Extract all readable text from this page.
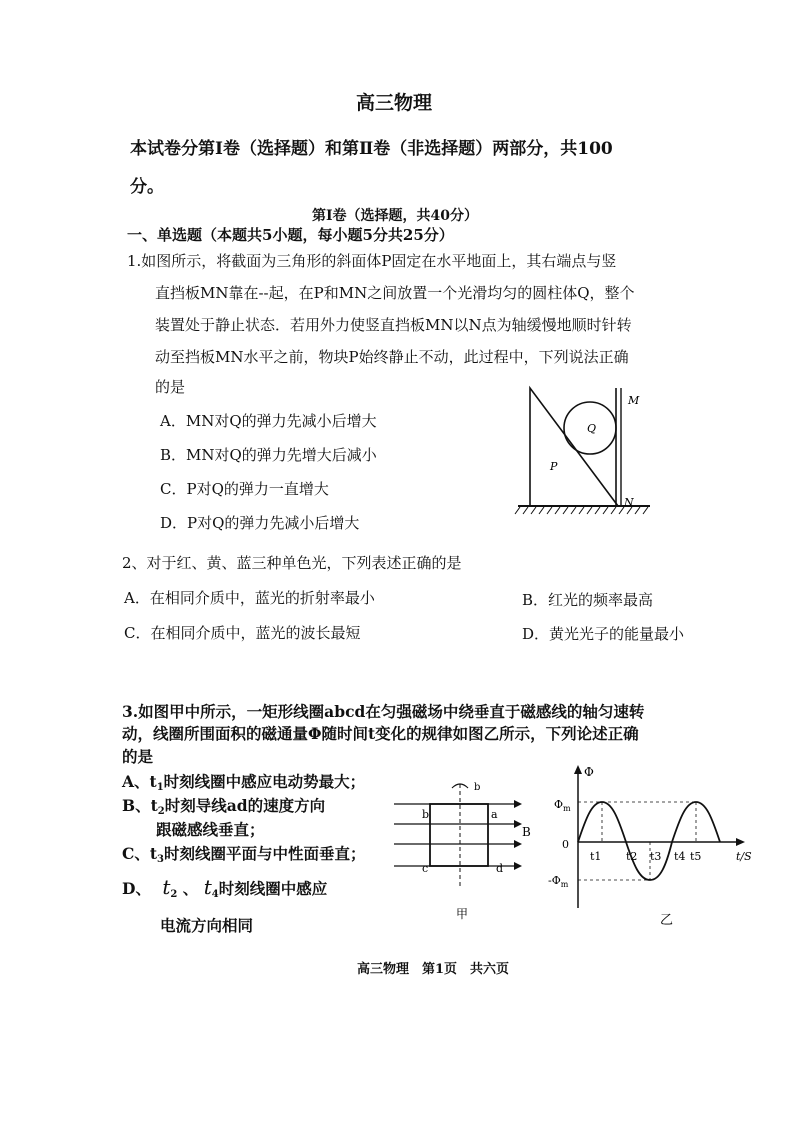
高三物理
本试卷分第Ⅰ卷（选择题）和第Ⅱ卷（非选择题）两部分，共100
分。
第Ⅰ卷（选择题，共40分）
一、单选题（本题共5小题，每小题5分共25分）
1.如图所示，将截面为三角形的斜面体P固定在水平地面上，其右端点与竖
直挡板MN靠在--起，在P和MN之间放置一个光滑均匀的圆柱体Q，整个
装置处于静止状态．若用外力使竖直挡板MN以N点为轴缓慢地顺时针转
动至挡板MN水平之前，物块P始终静止不动，此过程中，下列说法正确
的是
A．MN对Q的弹力先减小后增大
B．MN对Q的弹力先增大后减小
C．P对Q的弹力一直增大
D．P对Q的弹力先减小后增大
M
N
P
Q
2、对于红、黄、蓝三种单色光，下列表述正确的是
A．在相同介质中，蓝光的折射率最小	B．红光的频率最高
C．在相同介质中，蓝光的波长最短	D．黄光光子的能量最小
3.如图甲中所示，一矩形线圈abcd在匀强磁场中绕垂直于磁感线的轴匀速转
动，线圈所围面积的磁通量Φ随时间t变化的规律如图乙所示，下列论述正确
的是
A、$t_1$时刻线圈中感应电动势最大；
B、$t_2$时刻导线ad的速度方向
跟磁感线垂直；
C、$t_3$时刻线圈平面与中性面垂直；
D、 $t_2$ 、 $t_4$时刻线圈中感应
电流方向相同
b
b	a
c	d
B
甲
Φ
$\Phi_m$
$-\Phi_m$
0
t1 t2 t3 t4 t5	t/S
乙
高三物理　第1页　共六页
